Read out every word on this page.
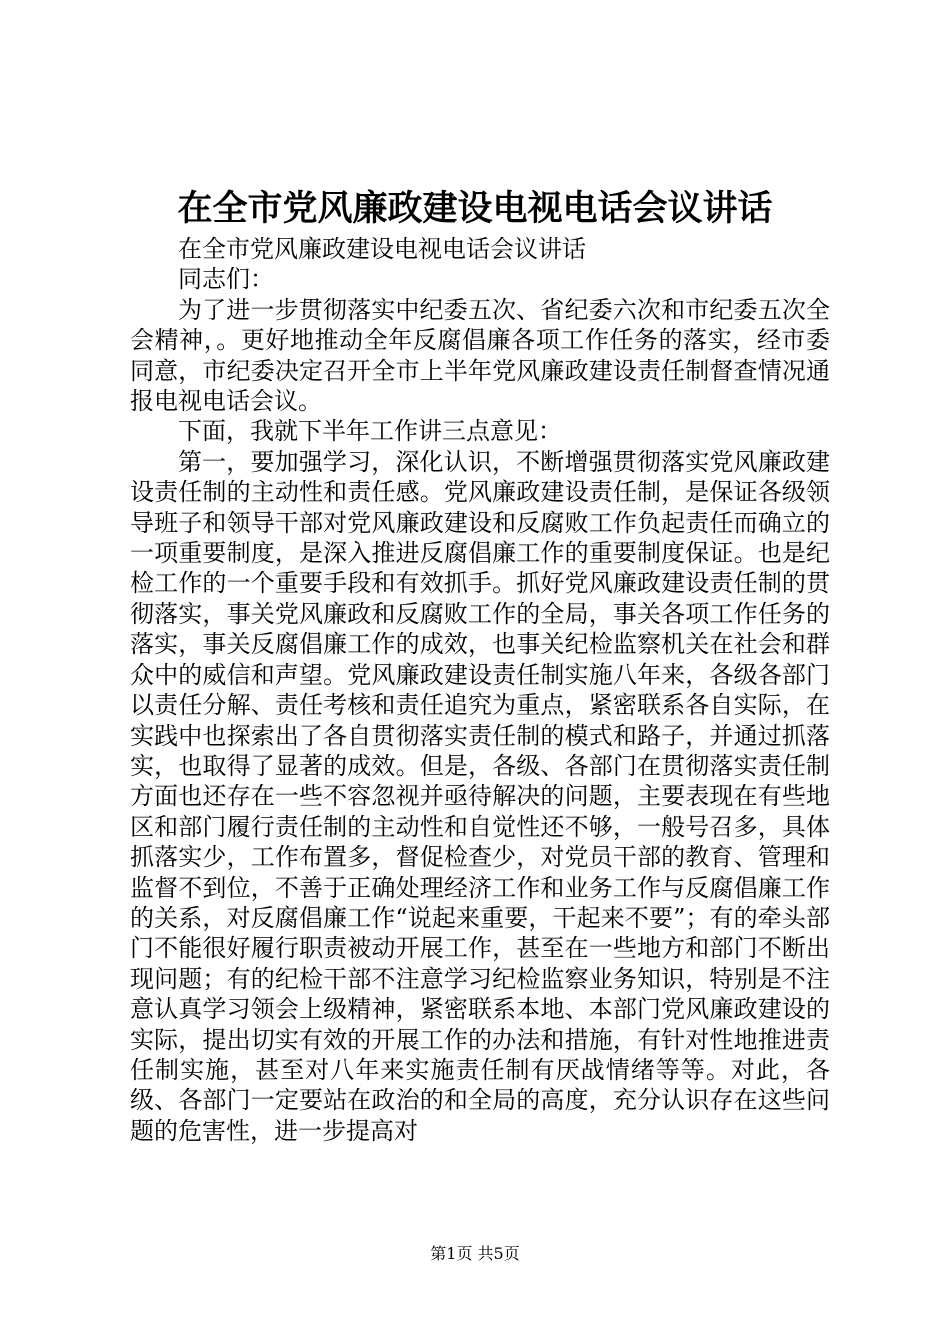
在全市党风廉政建设电视电话会议讲话

在全市党风廉政建设电视电话会议讲话

同志们：

为了进一步贯彻落实中纪委五次、省纪委六次和市纪委五次全会精神，。更好地推动全年反腐倡廉各项工作任务的落实，经市委同意，市纪委决定召开全市上半年党风廉政建设责任制督查情况通报电视电话会议。

下面，我就下半年工作讲三点意见：

第一，要加强学习，深化认识，不断增强贯彻落实党风廉政建设责任制的主动性和责任感。党风廉政建设责任制，是保证各级领导班子和领导干部对党风廉政建设和反腐败工作负起责任而确立的一项重要制度，是深入推进反腐倡廉工作的重要制度保证。也是纪检工作的一个重要手段和有效抓手。抓好党风廉政建设责任制的贯彻落实，事关党风廉政和反腐败工作的全局，事关各项工作任务的落实，事关反腐倡廉工作的成效，也事关纪检监察机关在社会和群众中的威信和声望。党风廉政建设责任制实施八年来，各级各部门以责任分解、责任考核和责任追究为重点，紧密联系各自实际，在实践中也探索出了各自贯彻落实责任制的模式和路子，并通过抓落实，也取得了显著的成效。但是，各级、各部门在贯彻落实责任制方面也还存在一些不容忽视并亟待解决的问题，主要表现在有些地区和部门履行责任制的主动性和自觉性还不够，一般号召多，具体抓落实少，工作布置多，督促检查少，对党员干部的教育、管理和监督不到位，不善于正确处理经济工作和业务工作与反腐倡廉工作的关系，对反腐倡廉工作“说起来重要，干起来不要”；有的牵头部门不能很好履行职责被动开展工作，甚至在一些地方和部门不断出现问题；有的纪检干部不注意学习纪检监察业务知识，特别是不注意认真学习领会上级精神，紧密联系本地、本部门党风廉政建设的实际，提出切实有效的开展工作的办法和措施，有针对性地推进责任制实施，甚至对八年来实施责任制有厌战情绪等等。对此，各级、各部门一定要站在政治的和全局的高度，充分认识存在这些问题的危害性，进一步提高对

第1页 共5页
